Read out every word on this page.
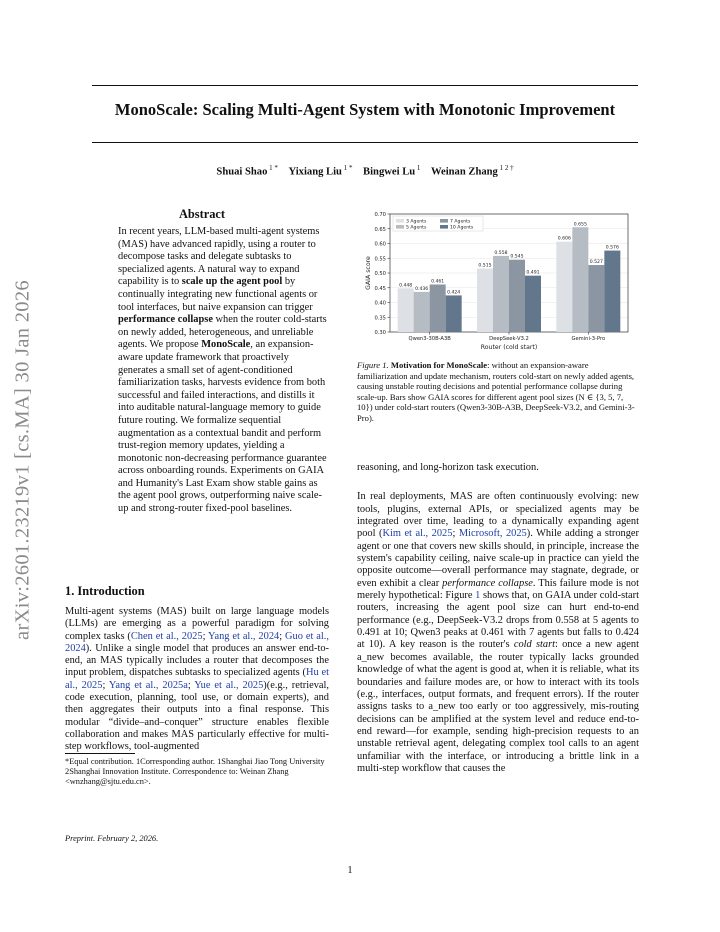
MonoScale: Scaling Multi-Agent System with Monotonic Improvement
Shuai Shao $^{1 *}$  Yixiang Liu $^{1 *}$  Bingwei Lu $^1$  Weinan Zhang $^{1 2 \dagger}$
arXiv:2601.23219v1 [cs.MA] 30 Jan 2026
Abstract

In recent years, LLM-based multi-agent systems (MAS) have advanced rapidly, using a router to decompose tasks and delegate subtasks to specialized agents. A natural way to expand capability is to scale up the agent pool by continually integrating new functional agents or tool interfaces, but naive expansion can trigger performance collapse when the router cold-starts on newly added, heterogeneous, and unreliable agents. We propose MonoScale, an expansion-aware update framework that proactively generates a small set of agent-conditioned familiarization tasks, harvests evidence from both successful and failed interactions, and distills it into auditable natural-language memory to guide future routing. We formalize sequential augmentation as a contextual bandit and perform trust-region memory updates, yielding a monotonic non-decreasing performance guarantee across onboarding rounds. Experiments on GAIA and Humanity's Last Exam show stable gains as the agent pool grows, outperforming naive scale-up and strong-router fixed-pool baselines.

1. Introduction

Multi-agent systems (MAS) built on large language models (LLMs) are emerging as a powerful paradigm for solving complex tasks (Chen et al., 2025; Yang et al., 2024; Guo et al., 2024). Unlike a single model that produces an answer end-to-end, an MAS typically includes a router that decomposes the input problem, dispatches subtasks to specialized agents (Hu et al., 2025; Yang et al., 2025a; Yue et al., 2025)(e.g., retrieval, code execution, planning, tool use, or domain experts), and then aggregates their outputs into a final response. This modular “divide–and–conquer” structure enables flexible collaboration and makes MAS particularly effective for multi-step workflows, tool-augmented

*Equal contribution. 1Corresponding author. 1Shanghai Jiao Tong University 2Shanghai Innovation Institute. Correspondence to: Weinan Zhang <wnzhang@sjtu.edu.cn>.
Preprint. February 2, 2026.
0.30
0.35
0.40
0.45
0.50
0.55
0.60
0.65
0.70
0.448
0.436
0.461
0.424
Qwen3-30B-A3B
0.515
0.558
0.545
0.491
DeepSeek-V3.2
0.606
0.655
0.527
0.576
Gemini-3-Pro
Router (cold start)
GAIA score
3 Agents
5 Agents
7 Agents
10 Agents
Figure 1. Motivation for MonoScale: without an expansion-aware familiarization and update mechanism, routers cold-start on newly added agents, causing unstable routing decisions and potential performance collapse during scale-up. Bars show GAIA scores for different agent pool sizes (N ∈ {3, 5, 7, 10}) under cold-start routers (Qwen3-30B-A3B, DeepSeek-V3.2, and Gemini-3-Pro).

reasoning, and long-horizon task execution.

In real deployments, MAS are often continuously evolving: new tools, plugins, external APIs, or specialized agents may be integrated over time, leading to a dynamically expanding agent pool (Kim et al., 2025; Microsoft, 2025). While adding a stronger agent or one that covers new skills should, in principle, increase the system's capability ceiling, naive scale-up in practice can yield the opposite outcome—overall performance may stagnate, degrade, or even exhibit a clear performance collapse. This failure mode is not merely hypothetical: Figure 1 shows that, on GAIA under cold-start routers, increasing the agent pool size can hurt end-to-end performance (e.g., DeepSeek-V3.2 drops from 0.558 at 5 agents to 0.491 at 10; Qwen3 peaks at 0.461 with 7 agents but falls to 0.424 at 10). A key reason is the router's cold start: once a new agent a_new becomes available, the router typically lacks grounded knowledge of what the agent is good at, when it is reliable, what its boundaries and failure modes are, or how to interact with its tools (e.g., interfaces, output formats, and frequent errors). If the router assigns tasks to a_new too early or too aggressively, mis-routing decisions can be amplified at the system level and reduce end-to-end reward—for example, sending high-precision requests to an unstable retrieval agent, delegating complex tool calls to an agent unfamiliar with the interface, or introducing a brittle link in a multi-step workflow that causes the

1
